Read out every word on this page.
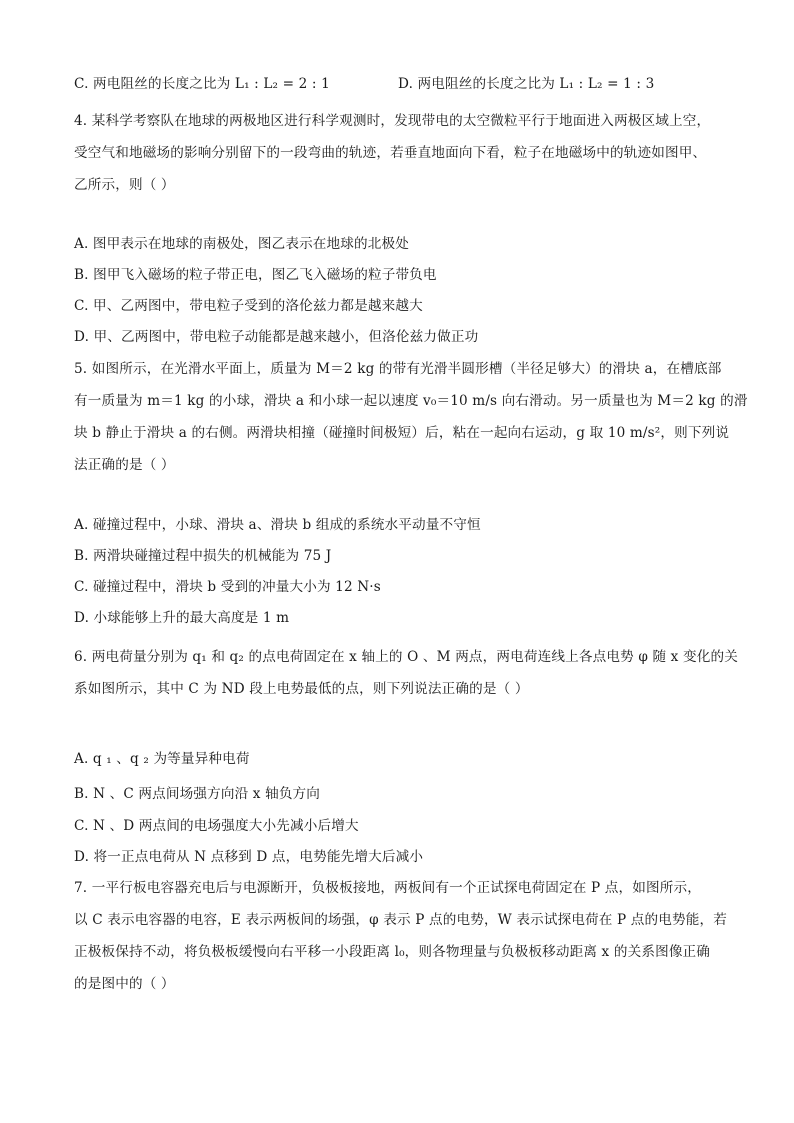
C. 两电阻丝的长度之比为 L₁ : L₂ = 2 : 1	D. 两电阻丝的长度之比为 L₁ : L₂ = 1 : 3
4. 某科学考察队在地球的两极地区进行科学观测时，发现带电的太空微粒平行于地面进入两极区域上空，
受空气和地磁场的影响分别留下的一段弯曲的轨迹，若垂直地面向下看，粒子在地磁场中的轨迹如图甲、
乙所示，则（ ）
A. 图甲表示在地球的南极处，图乙表示在地球的北极处
B. 图甲飞入磁场的粒子带正电，图乙飞入磁场的粒子带负电
C. 甲、乙两图中，带电粒子受到的洛伦兹力都是越来越大
D. 甲、乙两图中，带电粒子动能都是越来越小，但洛伦兹力做正功
5. 如图所示，在光滑水平面上，质量为 M＝2 kg 的带有光滑半圆形槽（半径足够大）的滑块 a，在槽底部
有一质量为 m＝1 kg 的小球，滑块 a 和小球一起以速度 v₀＝10 m/s 向右滑动。另一质量也为 M＝2 kg 的滑
块 b 静止于滑块 a 的右侧。两滑块相撞（碰撞时间极短）后，粘在一起向右运动，g 取 10 m/s²，则下列说
法正确的是（ ）
A. 碰撞过程中，小球、滑块 a、滑块 b 组成的系统水平动量不守恒
B. 两滑块碰撞过程中损失的机械能为 75 J
C. 碰撞过程中，滑块 b 受到的冲量大小为 12 N·s
D. 小球能够上升的最大高度是 1 m
6. 两电荷量分别为 q₁ 和 q₂ 的点电荷固定在 x 轴上的 O 、M 两点，两电荷连线上各点电势 φ 随 x 变化的关
系如图所示，其中 C 为 ND 段上电势最低的点，则下列说法正确的是（ ）
A. q ₁ 、q ₂ 为等量异种电荷
B. N 、C 两点间场强方向沿 x 轴负方向
C. N 、D 两点间的电场强度大小先减小后增大
D. 将一正点电荷从 N 点移到 D 点，电势能先增大后减小
7. 一平行板电容器充电后与电源断开，负极板接地，两板间有一个正试探电荷固定在 P 点，如图所示，
以 C 表示电容器的电容，E 表示两板间的场强，φ 表示 P 点的电势，W 表示试探电荷在 P 点的电势能，若
正极板保持不动，将负极板缓慢向右平移一小段距离 l₀，则各物理量与负极板移动距离 x 的关系图像正确
的是图中的（ ）
